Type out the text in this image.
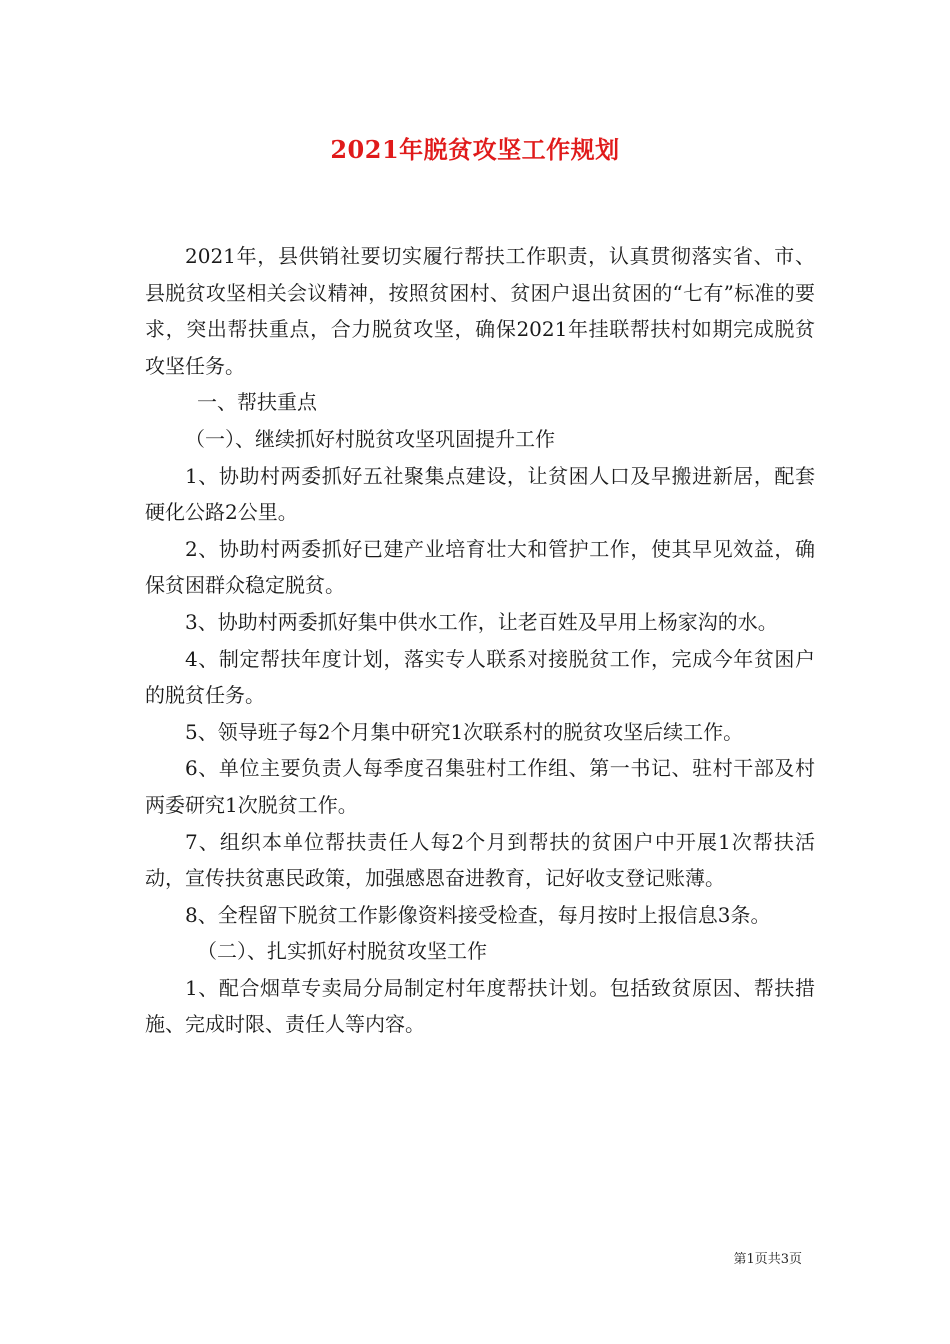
2021年脱贫攻坚工作规划

2021年，县供销社要切实履行帮扶工作职责，认真贯彻落实省、市、县脱贫攻坚相关会议精神，按照贫困村、贫困户退出贫困的“七有”标准的要求，突出帮扶重点，合力脱贫攻坚，确保2021年挂联帮扶村如期完成脱贫攻坚任务。

一、帮扶重点

（一）、继续抓好村脱贫攻坚巩固提升工作

1、协助村两委抓好五社聚集点建设，让贫困人口及早搬进新居，配套硬化公路2公里。

2、协助村两委抓好已建产业培育壮大和管护工作，使其早见效益，确保贫困群众稳定脱贫。

3、协助村两委抓好集中供水工作，让老百姓及早用上杨家沟的水。

4、制定帮扶年度计划，落实专人联系对接脱贫工作，完成今年贫困户的脱贫任务。

5、领导班子每2个月集中研究1次联系村的脱贫攻坚后续工作。

6、单位主要负责人每季度召集驻村工作组、第一书记、驻村干部及村两委研究1次脱贫工作。

7、组织本单位帮扶责任人每2个月到帮扶的贫困户中开展1次帮扶活动，宣传扶贫惠民政策，加强感恩奋进教育，记好收支登记账薄。

8、全程留下脱贫工作影像资料接受检查，每月按时上报信息3条。

（二）、扎实抓好村脱贫攻坚工作

1、配合烟草专卖局分局制定村年度帮扶计划。包括致贫原因、帮扶措施、完成时限、责任人等内容。

第1页共3页
